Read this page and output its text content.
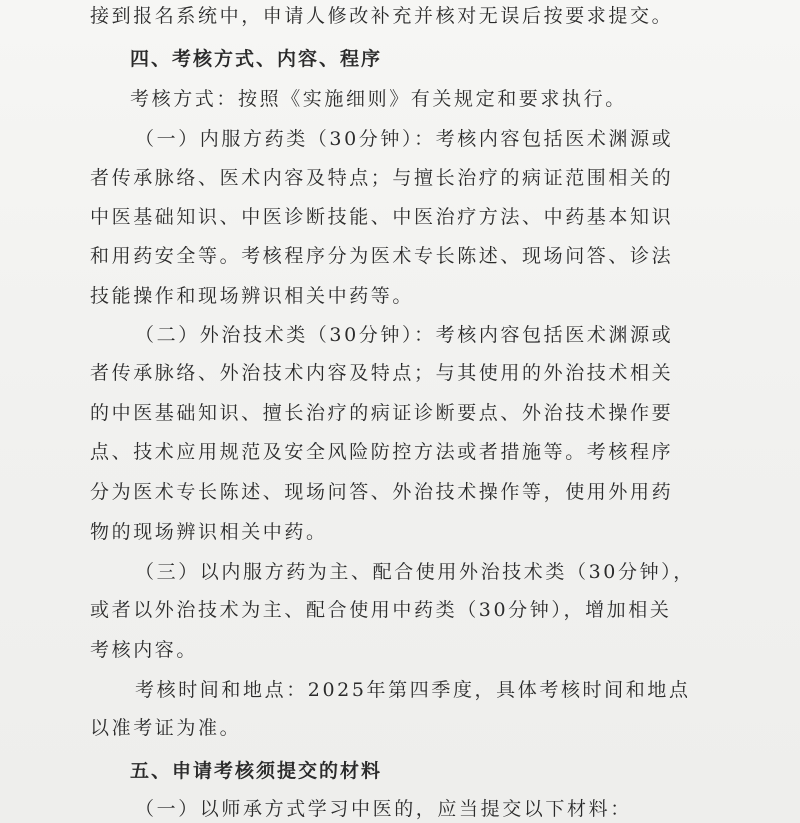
接到报名系统中，申请人修改补充并核对无误后按要求提交。
四、考核方式、内容、程序
考核方式：按照《实施细则》有关规定和要求执行。
（一）内服方药类（30分钟）：考核内容包括医术渊源或
者传承脉络、医术内容及特点；与擅长治疗的病证范围相关的
中医基础知识、中医诊断技能、中医治疗方法、中药基本知识
和用药安全等。考核程序分为医术专长陈述、现场问答、诊法
技能操作和现场辨识相关中药等。
（二）外治技术类（30分钟）：考核内容包括医术渊源或
者传承脉络、外治技术内容及特点；与其使用的外治技术相关
的中医基础知识、擅长治疗的病证诊断要点、外治技术操作要
点、技术应用规范及安全风险防控方法或者措施等。考核程序
分为医术专长陈述、现场问答、外治技术操作等，使用外用药
物的现场辨识相关中药。
（三）以内服方药为主、配合使用外治技术类（30分钟），
或者以外治技术为主、配合使用中药类（30分钟），增加相关
考核内容。
考核时间和地点：2025年第四季度，具体考核时间和地点
以准考证为准。
五、申请考核须提交的材料
（一）以师承方式学习中医的，应当提交以下材料：
